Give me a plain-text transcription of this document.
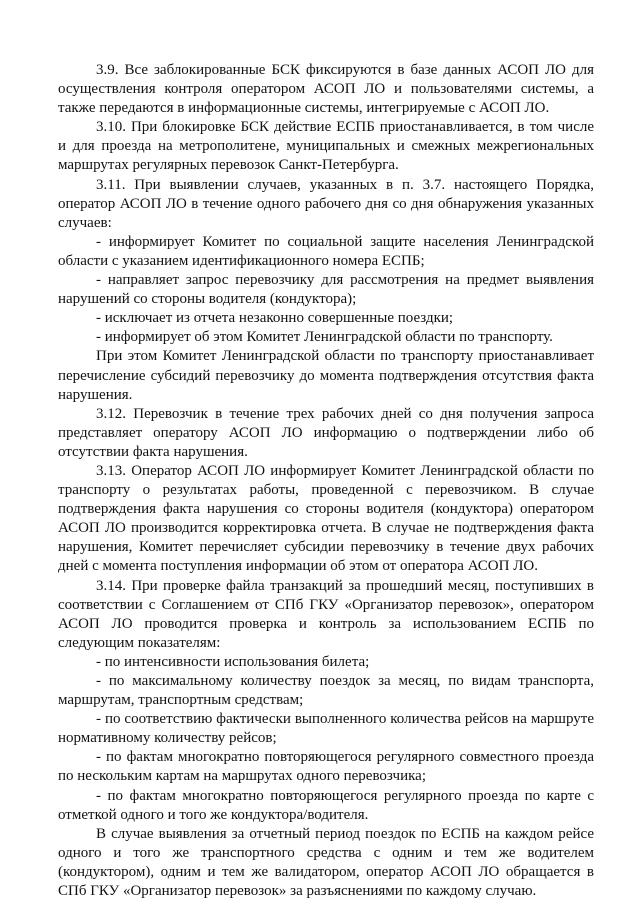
3.9. Все заблокированные БСК фиксируются в базе данных АСОП ЛО для осуществления контроля оператором АСОП ЛО и пользователями системы, а также передаются в информационные системы, интегрируемые с АСОП ЛО.

3.10. При блокировке БСК действие ЕСПБ приостанавливается, в том числе и для проезда на метрополитене, муниципальных и смежных межрегиональных маршрутах регулярных перевозок Санкт-Петербурга.

3.11. При выявлении случаев, указанных в п. 3.7. настоящего Порядка, оператор АСОП ЛО в течение одного рабочего дня со дня обнаружения указанных случаев:

- информирует Комитет по социальной защите населения Ленинградской области с указанием идентификационного номера ЕСПБ;

- направляет запрос перевозчику для рассмотрения на предмет выявления нарушений со стороны водителя (кондуктора);

- исключает из отчета незаконно совершенные поездки;

- информирует об этом Комитет Ленинградской области по транспорту.

При этом Комитет Ленинградской области по транспорту приостанавливает перечисление субсидий перевозчику до момента подтверждения отсутствия факта нарушения.

3.12. Перевозчик в течение трех рабочих дней со дня получения запроса представляет оператору АСОП ЛО информацию о подтверждении либо об отсутствии факта нарушения.

3.13. Оператор АСОП ЛО информирует Комитет Ленинградской области по транспорту о результатах работы, проведенной с перевозчиком. В случае подтверждения факта нарушения со стороны водителя (кондуктора) оператором АСОП ЛО производится корректировка отчета. В случае не подтверждения факта нарушения, Комитет перечисляет субсидии перевозчику в течение двух рабочих дней с момента поступления информации об этом от оператора АСОП ЛО.

3.14. При проверке файла транзакций за прошедший месяц, поступивших в соответствии с Соглашением от СПб ГКУ «Организатор перевозок», оператором АСОП ЛО проводится проверка и контроль за использованием ЕСПБ по следующим показателям:

- по интенсивности использования билета;

- по максимальному количеству поездок за месяц, по видам транспорта, маршрутам, транспортным средствам;

- по соответствию фактически выполненного количества рейсов на маршруте нормативному количеству рейсов;

- по фактам многократно повторяющегося регулярного совместного проезда по нескольким картам на маршрутах одного перевозчика;

- по фактам многократно повторяющегося регулярного проезда по карте с отметкой одного и того же кондуктора/водителя.

В случае выявления за отчетный период поездок по ЕСПБ на каждом рейсе одного и того же транспортного средства с одним и тем же водителем (кондуктором), одним и тем же валидатором, оператор АСОП ЛО обращается в СПб ГКУ «Организатор перевозок» за разъяснениями по каждому случаю.
